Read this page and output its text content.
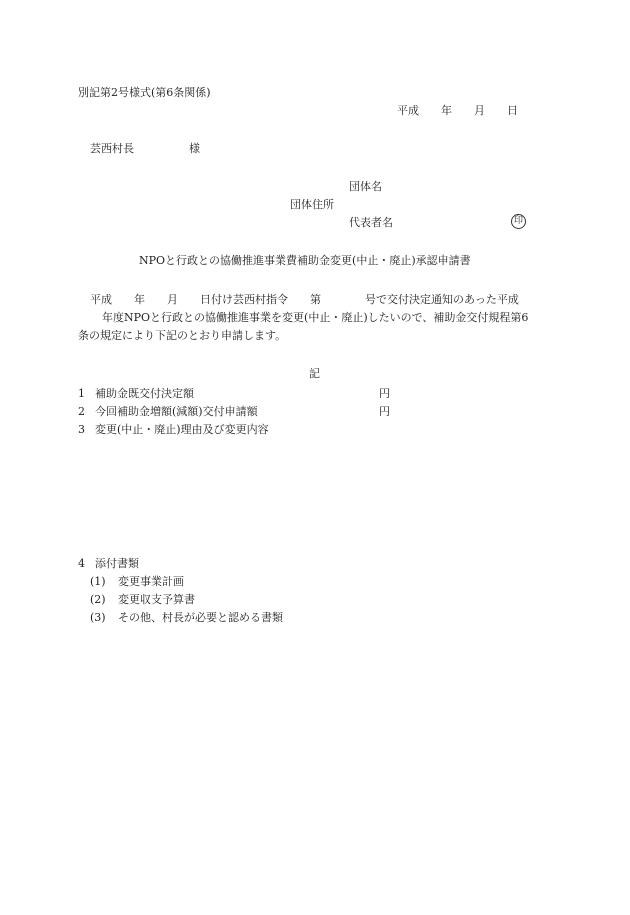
別記第2号様式(第6条関係)
平成　　年　　月　　日
芸西村長　　　　　様
団体名
団体住所
代表者名	印
NPOと行政との協働推進事業費補助金変更(中止・廃止)承認申請書
平成　　年　　月　　日付け芸西村指令　　第　　　　号で交付決定通知のあった平成
年度NPOと行政との協働推進事業を変更(中止・廃止)したいので、補助金交付規程第6
条の規定により下記のとおり申請します。
記
1 補助金既交付決定額	円
2 今回補助金増額(減額)交付申請額	円
3 変更(中止・廃止)理由及び変更内容
4 添付書類
(1) 変更事業計画
(2) 変更収支予算書
(3) その他、村長が必要と認める書類
